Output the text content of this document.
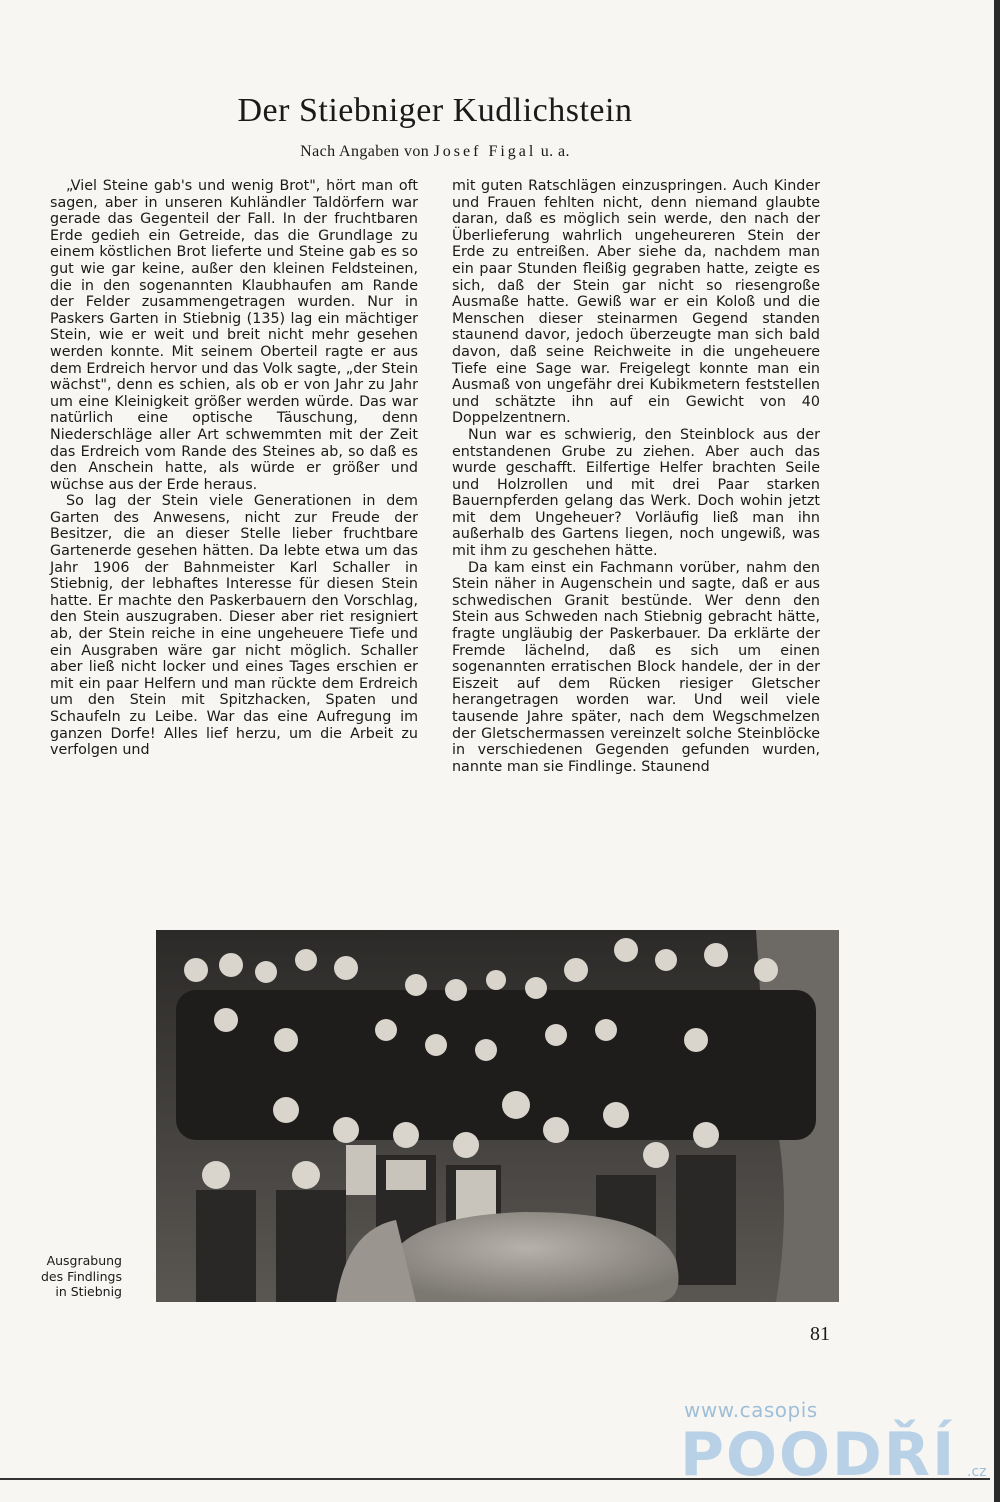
Der Stiebniger Kudlichstein
Nach Angaben von Josef Figal u. a.

„Viel Steine gab's und wenig Brot", hört man oft sagen, aber in unseren Kuhländler Taldörfern war gerade das Gegenteil der Fall. In der fruchtbaren Erde gedieh ein Getreide, das die Grundlage zu einem köstlichen Brot lieferte und Steine gab es so gut wie gar keine, außer den kleinen Feldsteinen, die in den sogenannten Klaubhaufen am Rande der Felder zusammengetragen wurden. Nur in Paskers Garten in Stiebnig (135) lag ein mächtiger Stein, wie er weit und breit nicht mehr gesehen werden konnte. Mit seinem Oberteil ragte er aus dem Erdreich hervor und das Volk sagte, „der Stein wächst", denn es schien, als ob er von Jahr zu Jahr um eine Kleinigkeit größer werden würde. Das war natürlich eine optische Täuschung, denn Niederschläge aller Art schwemmten mit der Zeit das Erdreich vom Rande des Steines ab, so daß es den Anschein hatte, als würde er größer und wüchse aus der Erde heraus.

So lag der Stein viele Generationen in dem Garten des Anwesens, nicht zur Freude der Besitzer, die an dieser Stelle lieber fruchtbare Gartenerde gesehen hätten. Da lebte etwa um das Jahr 1906 der Bahnmeister Karl Schaller in Stiebnig, der lebhaftes Interesse für diesen Stein hatte. Er machte den Paskerbauern den Vorschlag, den Stein auszugraben. Dieser aber riet resigniert ab, der Stein reiche in eine ungeheuere Tiefe und ein Ausgraben wäre gar nicht möglich. Schaller aber ließ nicht locker und eines Tages erschien er mit ein paar Helfern und man rückte dem Erdreich um den Stein mit Spitzhacken, Spaten und Schaufeln zu Leibe. War das eine Aufregung im ganzen Dorfe! Alles lief herzu, um die Arbeit zu verfolgen und

mit guten Ratschlägen einzuspringen. Auch Kinder und Frauen fehlten nicht, denn niemand glaubte daran, daß es möglich sein werde, den nach der Überlieferung wahrlich ungeheureren Stein der Erde zu entreißen. Aber siehe da, nachdem man ein paar Stunden fleißig gegraben hatte, zeigte es sich, daß der Stein gar nicht so riesengroße Ausmaße hatte. Gewiß war er ein Koloß und die Menschen dieser steinarmen Gegend standen staunend davor, jedoch überzeugte man sich bald davon, daß seine Reichweite in die ungeheuere Tiefe eine Sage war. Freigelegt konnte man ein Ausmaß von ungefähr drei Kubikmetern feststellen und schätzte ihn auf ein Gewicht von 40 Doppelzentnern.

Nun war es schwierig, den Steinblock aus der entstandenen Grube zu ziehen. Aber auch das wurde geschafft. Eilfertige Helfer brachten Seile und Holzrollen und mit drei Paar starken Bauernpferden gelang das Werk. Doch wohin jetzt mit dem Ungeheuer? Vorläufig ließ man ihn außerhalb des Gartens liegen, noch ungewiß, was mit ihm zu geschehen hätte.

Da kam einst ein Fachmann vorüber, nahm den Stein näher in Augenschein und sagte, daß er aus schwedischen Granit bestünde. Wer denn den Stein aus Schweden nach Stiebnig gebracht hätte, fragte ungläubig der Paskerbauer. Da erklärte der Fremde lächelnd, daß es sich um einen sogenannten erratischen Block handele, der in der Eiszeit auf dem Rücken riesiger Gletscher herangetragen worden war. Und weil viele tausende Jahre später, nach dem Wegschmelzen der Gletschermassen vereinzelt solche Steinblöcke in verschiedenen Gegenden gefunden wurden, nannte man sie Findlinge. Staunend

Ausgrabung
des Findlings
in Stiebnig
81
www.casopis
POODŘÍ .cz
